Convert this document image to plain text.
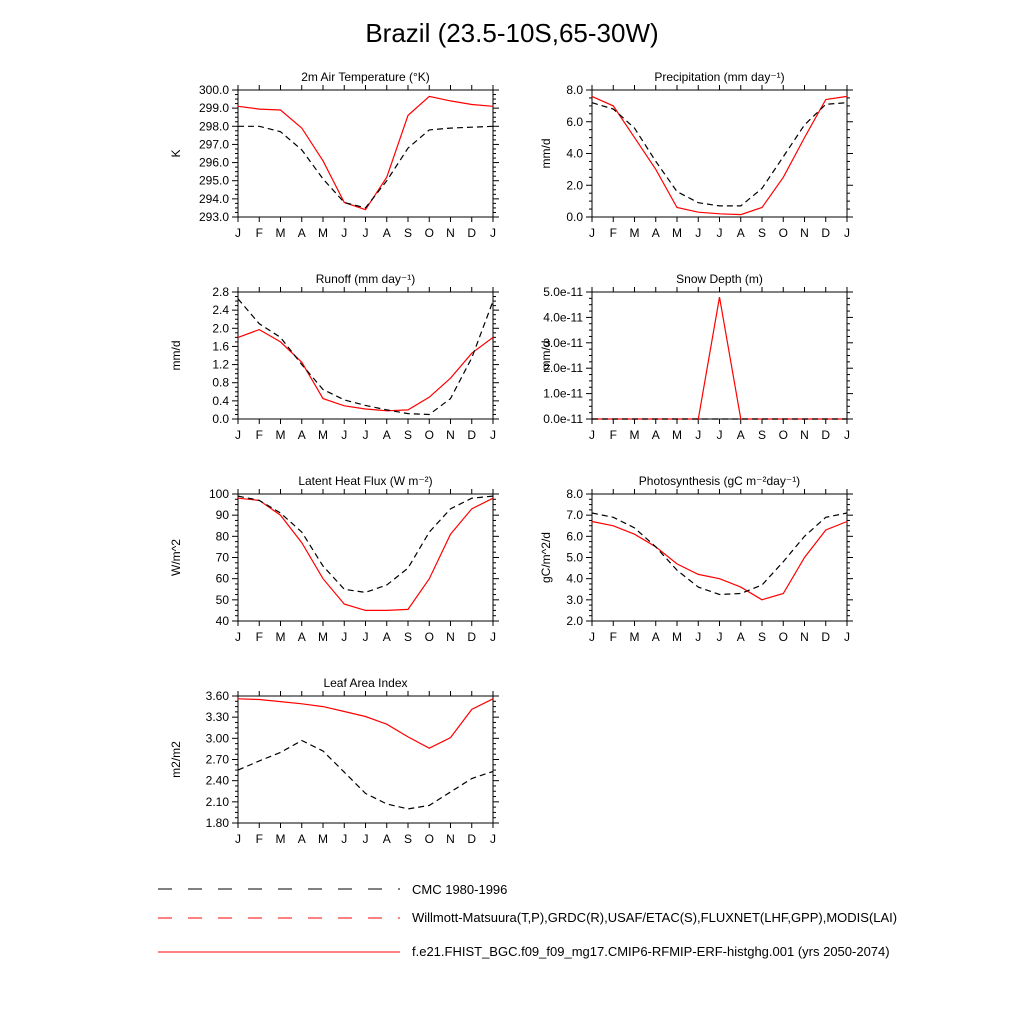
Brazil (23.5-10S,65-30W)
2m Air Temperature (°K)
J F M A M J J A S O N D J
293.0
294.0
295.0
296.0
297.0
298.0
299.0
300.0
K
Precipitation (mm day⁻¹)
J F M A M J J A S O N D J
0.0
2.0
4.0
6.0
8.0
mm/d
Runoff (mm day⁻¹)
J F M A M J J A S O N D J
0.0
0.4
0.8
1.2
1.6
2.0
2.4
2.8
mm/d
Snow Depth (m)
J F M A M J J A S O N D J
0.0e-11
1.0e-11
2.0e-11
3.0e-11
4.0e-11
5.0e-11
mm/d
Latent Heat Flux (W m⁻²)
J F M A M J J A S O N D J
40
50
60
70
80
90
100
W/m^2
Photosynthesis (gC m⁻²day⁻¹)
J F M A M J J A S O N D J
2.0
3.0
4.0
5.0
6.0
7.0
8.0
gC/m^2/d
Leaf Area Index
J F M A M J J A S O N D J
1.80
2.10
2.40
2.70
3.00
3.30
3.60
m2/m2
CMC 1980-1996
Willmott-Matsuura(T,P),GRDC(R),USAF/ETAC(S),FLUXNET(LHF,GPP),MODIS(LAI)
f.e21.FHIST_BGC.f09_f09_mg17.CMIP6-RFMIP-ERF-histghg.001 (yrs 2050-2074)
